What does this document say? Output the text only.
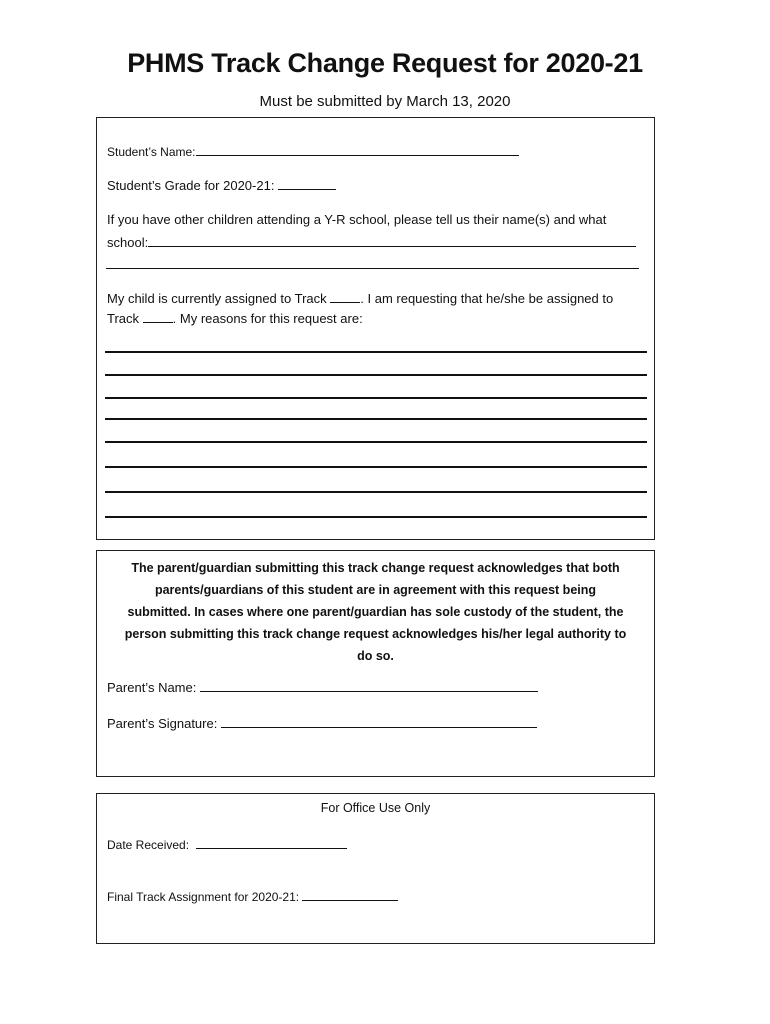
PHMS Track Change Request for 2020-21
Must be submitted by March 13, 2020
Student’s Name:
Student’s Grade for 2020-21:
If you have other children attending a Y-R school, please tell us their name(s) and what
school:
My child is currently assigned to Track	. I am requesting that he/she be assigned to
Track	. My reasons for this request are:
The parent/guardian submitting this track change request acknowledges that both
parents/guardians of this student are in agreement with this request being
submitted. In cases where one parent/guardian has sole custody of the student, the
person submitting this track change request acknowledges his/her legal authority to
do so.
Parent’s Name:
Parent’s Signature:
For Office Use Only
Date Received:
Final Track Assignment for 2020-21:
